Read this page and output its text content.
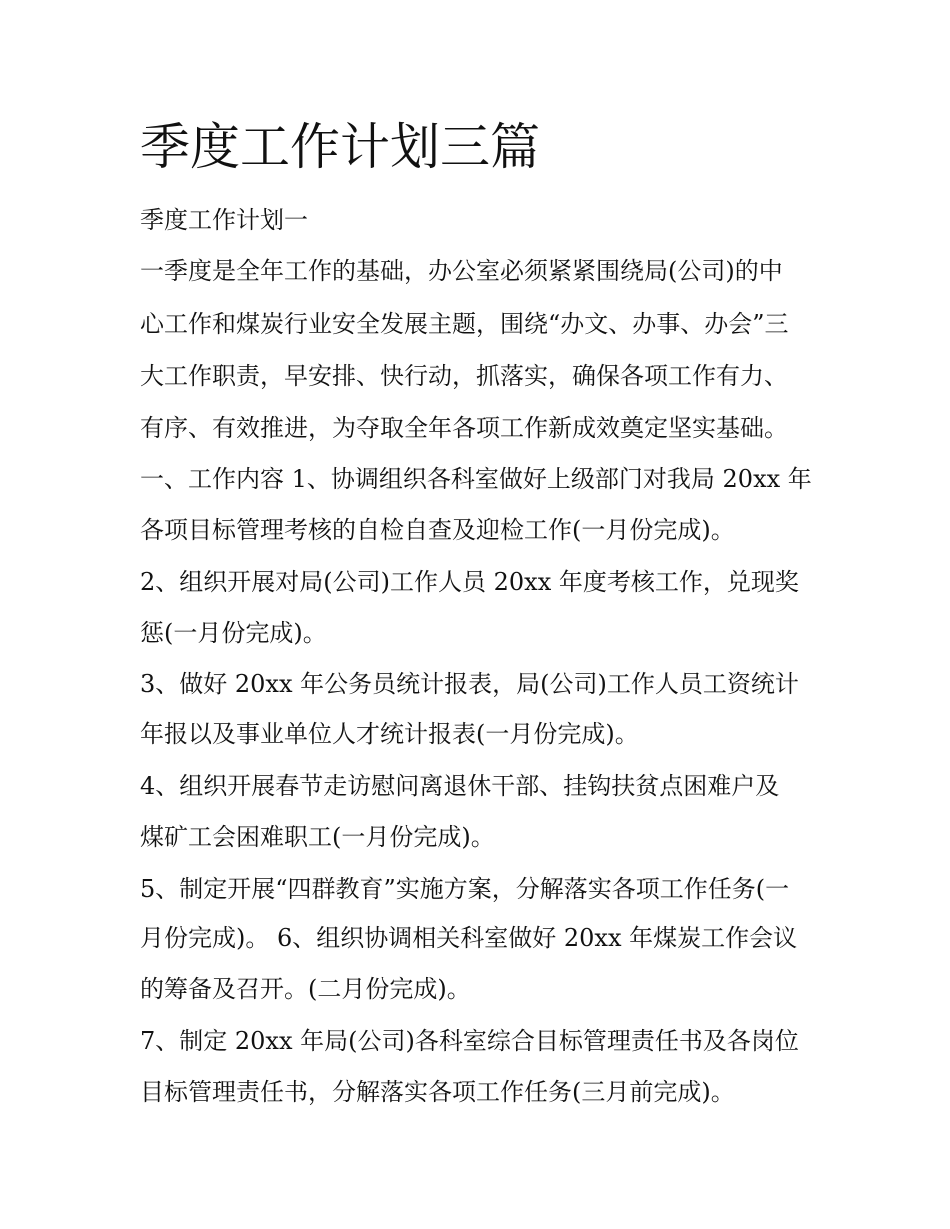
季度工作计划三篇
季度工作计划一
一季度是全年工作的基础，办公室必须紧紧围绕局(公司)的中
心工作和煤炭行业安全发展主题，围绕“办文、办事、办会”三
大工作职责，早安排、快行动，抓落实，确保各项工作有力、
有序、有效推进，为夺取全年各项工作新成效奠定坚实基础。
一、工作内容 1、协调组织各科室做好上级部门对我局 20xx 年
各项目标管理考核的自检自查及迎检工作(一月份完成)。
2、组织开展对局(公司)工作人员 20xx 年度考核工作，兑现奖
惩(一月份完成)。
3、做好 20xx 年公务员统计报表，局(公司)工作人员工资统计
年报以及事业单位人才统计报表(一月份完成)。
4、组织开展春节走访慰问离退休干部、挂钩扶贫点困难户及
煤矿工会困难职工(一月份完成)。
5、制定开展“四群教育”实施方案，分解落实各项工作任务(一
月份完成)。 6、组织协调相关科室做好 20xx 年煤炭工作会议
的筹备及召开。(二月份完成)。
7、制定 20xx 年局(公司)各科室综合目标管理责任书及各岗位
目标管理责任书，分解落实各项工作任务(三月前完成)。
